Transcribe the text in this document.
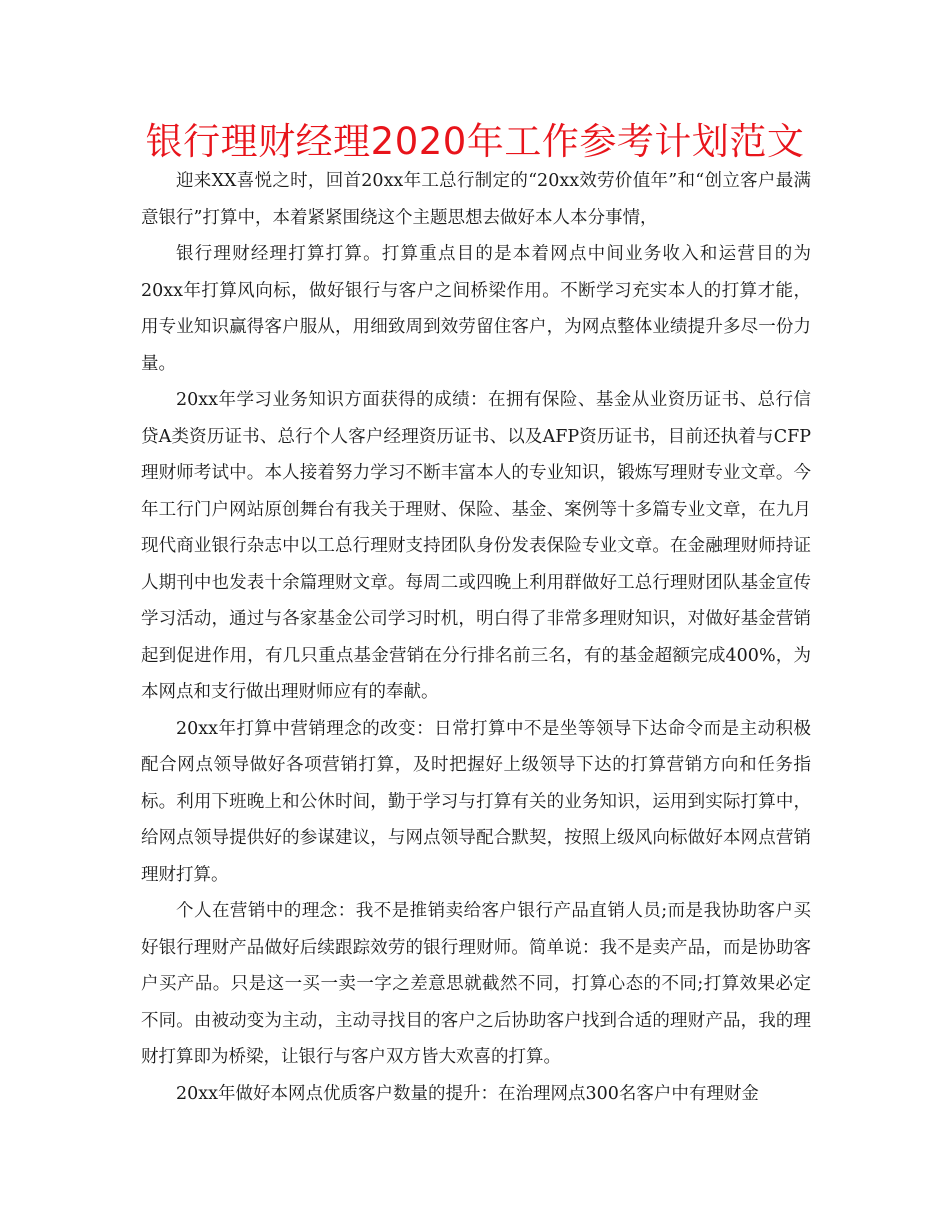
银行理财经理2020年工作参考计划范文

迎来XX喜悦之时，回首20xx年工总行制定的“20xx效劳价值年”和“创立客户最满意银行”打算中，本着紧紧围绕这个主题思想去做好本人本分事情，

银行理财经理打算打算。打算重点目的是本着网点中间业务收入和运营目的为20xx年打算风向标，做好银行与客户之间桥梁作用。不断学习充实本人的打算才能，用专业知识赢得客户服从，用细致周到效劳留住客户，为网点整体业绩提升多尽一份力量。

20xx年学习业务知识方面获得的成绩：在拥有保险、基金从业资历证书、总行信贷A类资历证书、总行个人客户经理资历证书、以及AFP资历证书，目前还执着与CFP理财师考试中。本人接着努力学习不断丰富本人的专业知识，锻炼写理财专业文章。今年工行门户网站原创舞台有我关于理财、保险、基金、案例等十多篇专业文章，在九月现代商业银行杂志中以工总行理财支持团队身份发表保险专业文章。在金融理财师持证人期刊中也发表十余篇理财文章。每周二或四晚上利用群做好工总行理财团队基金宣传学习活动，通过与各家基金公司学习时机，明白得了非常多理财知识，对做好基金营销起到促进作用，有几只重点基金营销在分行排名前三名，有的基金超额完成400%，为本网点和支行做出理财师应有的奉献。

20xx年打算中营销理念的改变：日常打算中不是坐等领导下达命令而是主动积极配合网点领导做好各项营销打算，及时把握好上级领导下达的打算营销方向和任务指标。利用下班晚上和公休时间，勤于学习与打算有关的业务知识，运用到实际打算中，给网点领导提供好的参谋建议，与网点领导配合默契，按照上级风向标做好本网点营销理财打算。

个人在营销中的理念：我不是推销卖给客户银行产品直销人员;而是我协助客户买好银行理财产品做好后续跟踪效劳的银行理财师。简单说：我不是卖产品，而是协助客户买产品。只是这一买一卖一字之差意思就截然不同，打算心态的不同;打算效果必定不同。由被动变为主动，主动寻找目的客户之后协助客户找到合适的理财产品，我的理财打算即为桥梁，让银行与客户双方皆大欢喜的打算。

20xx年做好本网点优质客户数量的提升：在治理网点300名客户中有理财金
